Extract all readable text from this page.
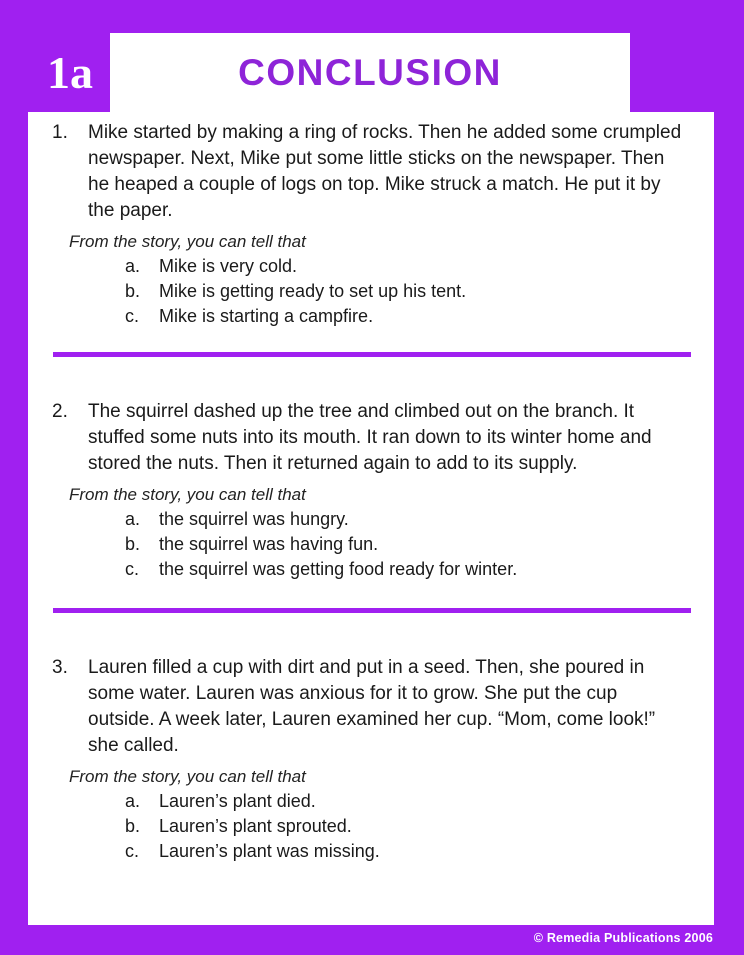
CONCLUSION
1a
1.	Mike started by making a ring of rocks. Then he added some crumpled newspaper. Next, Mike put some little sticks on the newspaper. Then he heaped a couple of logs on top. Mike struck a match. He put it by the paper.
From the story, you can tell that
a.	Mike is very cold.
b.	Mike is getting ready to set up his tent.
c.	Mike is starting a campfire.
2.	The squirrel dashed up the tree and climbed out on the branch. It stuffed some nuts into its mouth. It ran down to its winter home and stored the nuts. Then it returned again to add to its supply.
From the story, you can tell that
a.	the squirrel was hungry.
b.	the squirrel was having fun.
c.	the squirrel was getting food ready for winter.
3.	Lauren filled a cup with dirt and put in a seed. Then, she poured in some water. Lauren was anxious for it to grow. She put the cup outside. A week later, Lauren examined her cup. “Mom, come look!” she called.
From the story, you can tell that
a.	Lauren’s plant died.
b.	Lauren’s plant sprouted.
c.	Lauren’s plant was missing.
© Remedia Publications 2006
